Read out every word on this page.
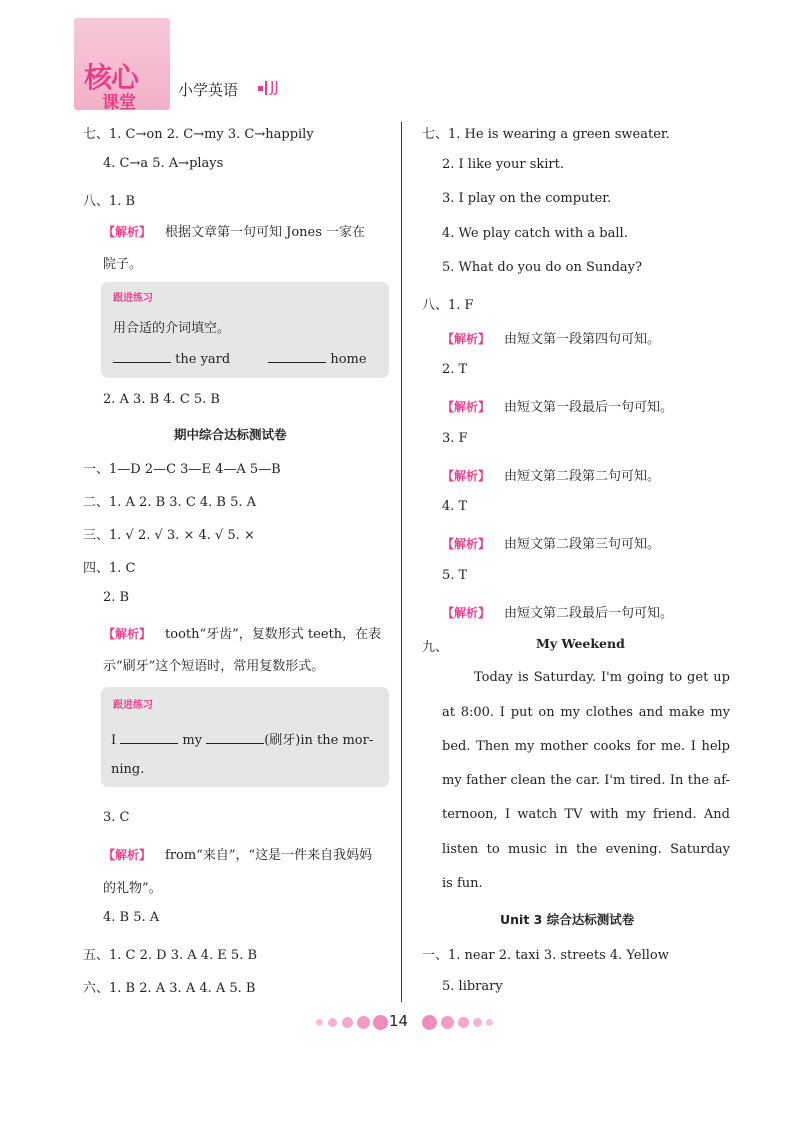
核心
课堂
小学英语 JJ
七、1. C→on 2. C→my 3. C→happily
4. C→a 5. A→plays
八、1. B
【解析】 根据文章第一句可知 Jones 一家在
院子。
跟进练习
用合适的介词填空。
the yard	home
2. A 3. B 4. C 5. B
期中综合达标测试卷
一、1—D 2—C 3—E 4—A 5—B
二、1. A 2. B 3. C 4. B 5. A
三、1. √ 2. √ 3. × 4. √ 5. ×
四、1. C
2. B
【解析】 tooth“牙齿”，复数形式 teeth，在表
示“刷牙”这个短语时，常用复数形式。
跟进练习
I	my	(刷牙)in the mor-
ning.
3. C
【解析】 from“来自”，“这是一件来自我妈妈
的礼物”。
4. B 5. A
五、1. C 2. D 3. A 4. E 5. B
六、1. B 2. A 3. A 4. A 5. B
七、1. He is wearing a green sweater.
2. I like your skirt.
3. I play on the computer.
4. We play catch with a ball.
5. What do you do on Sunday?
八、1. F
【解析】 由短文第一段第四句可知。
2. T
【解析】 由短文第一段最后一句可知。
3. F
【解析】 由短文第二段第二句可知。
4. T
【解析】 由短文第二段第三句可知。
5. T
【解析】 由短文第二段最后一句可知。
九、	My Weekend
Today is Saturday. I'm going to get up
at 8:00. I put on my clothes and make my
bed. Then my mother cooks for me. I help
my father clean the car. I'm tired. In the af-
ternoon, I watch TV with my friend. And
listen to music in the evening. Saturday
is fun.
Unit 3 综合达标测试卷
一、1. near 2. taxi 3. streets 4. Yellow
5. library
14
